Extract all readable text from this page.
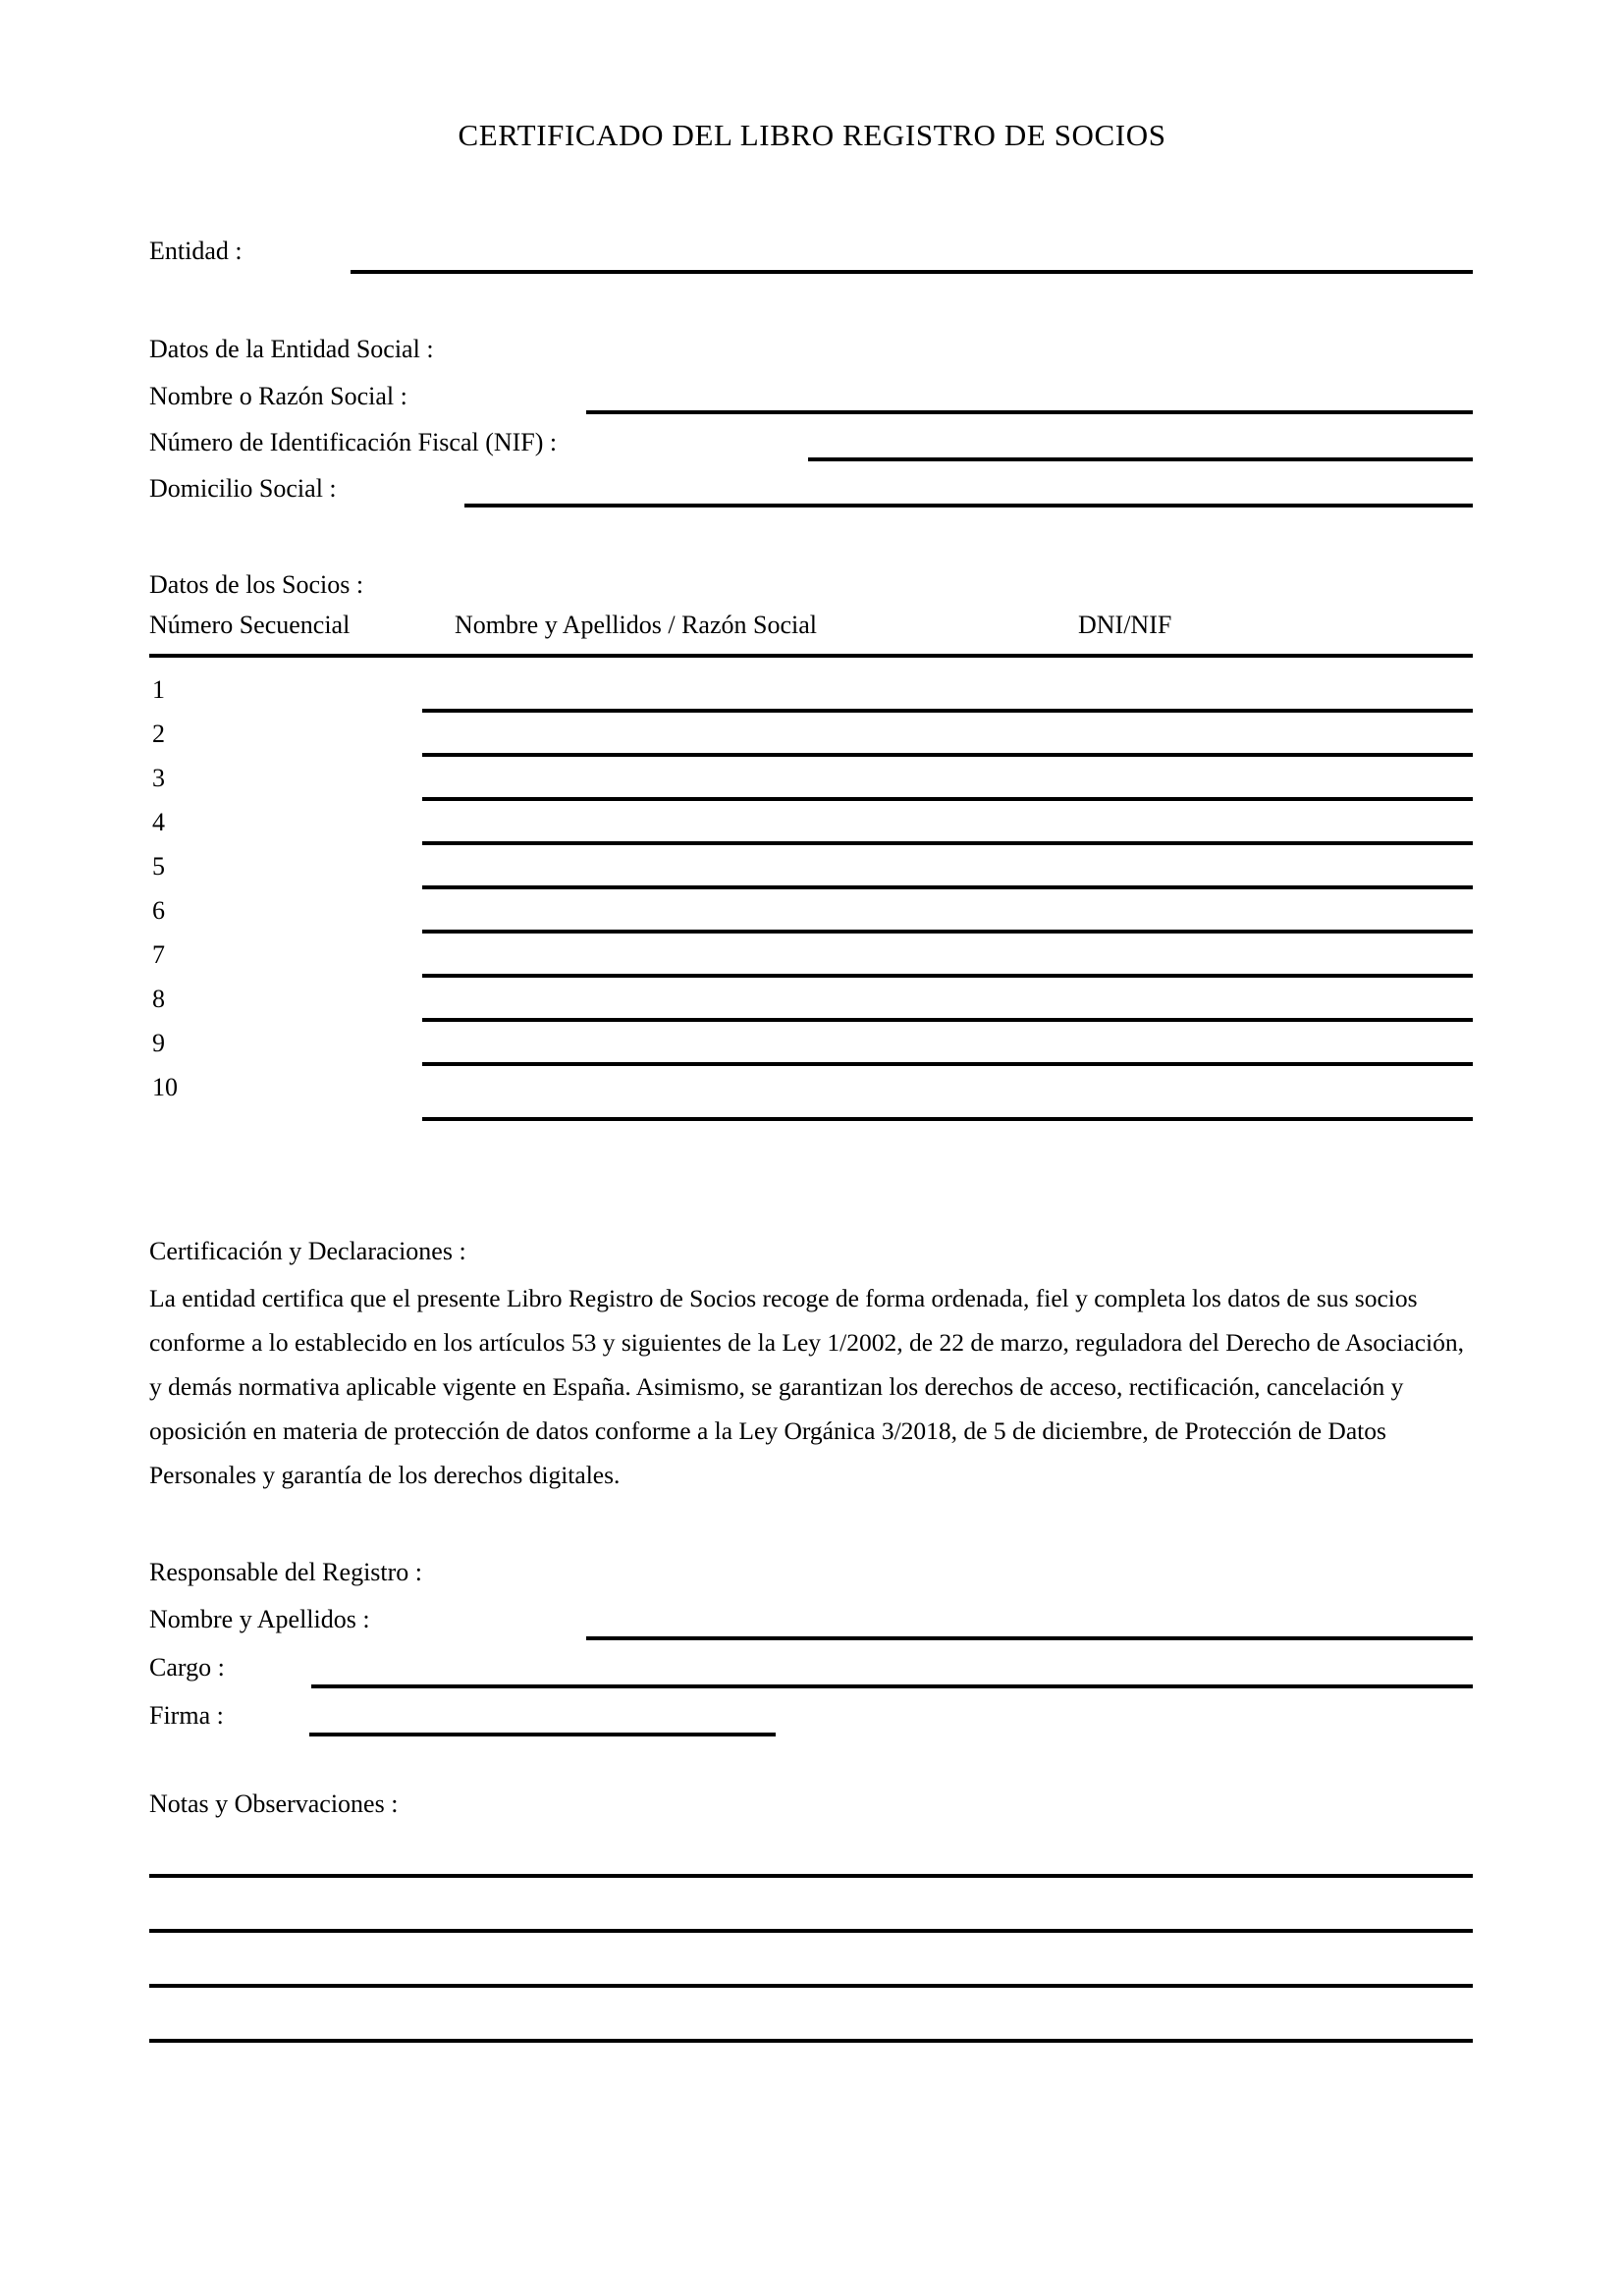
CERTIFICADO DEL LIBRO REGISTRO DE SOCIOS
Entidad :
Datos de la Entidad Social :
Nombre o Razón Social :
Número de Identificación Fiscal (NIF) :
Domicilio Social :
Datos de los Socios :
Número Secuencial	Nombre y Apellidos / Razón Social	DNI/NIF
1
2
3
4
5
6
7
8
9
10
Certificación y Declaraciones :
La entidad certifica que el presente Libro Registro de Socios recoge de forma ordenada, fiel y completa los datos de sus socios conforme a lo establecido en los artículos 53 y siguientes de la Ley 1/2002, de 22 de marzo, reguladora del Derecho de Asociación, y demás normativa aplicable vigente en España. Asimismo, se garantizan los derechos de acceso, rectificación, cancelación y oposición en materia de protección de datos conforme a la Ley Orgánica 3/2018, de 5 de diciembre, de Protección de Datos Personales y garantía de los derechos digitales.
Responsable del Registro :
Nombre y Apellidos :
Cargo :
Firma :
Notas y Observaciones :
